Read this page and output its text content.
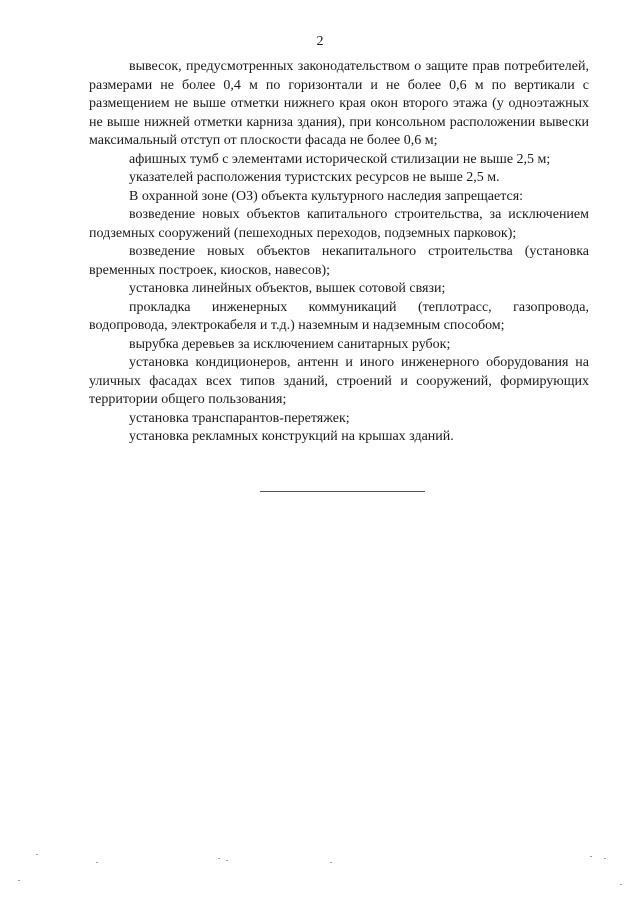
2

вывесок, предусмотренных законодательством о защите прав потребителей, размерами не более 0,4 м по горизонтали и не более 0,6 м по вертикали с размещением не выше отметки нижнего края окон второго этажа (у одноэтажных не выше нижней отметки карниза здания), при консольном расположении вывески максимальный отступ от плоскости фасада не более 0,6 м;

афишных тумб с элементами исторической стилизации не выше 2,5 м;

указателей расположения туристских ресурсов не выше 2,5 м.

В охранной зоне (ОЗ) объекта культурного наследия запрещается:

возведение новых объектов капитального строительства, за исключением подземных сооружений (пешеходных переходов, подземных парковок);

возведение новых объектов некапитального строительства (установка временных построек, киосков, навесов);

установка линейных объектов, вышек сотовой связи;

прокладка инженерных коммуникаций (теплотрасс, газопровода, водопровода, электрокабеля и т.д.) наземным и надземным способом;

вырубка деревьев за исключением санитарных рубок;

установка кондиционеров, антенн и иного инженерного оборудования на уличных фасадах всех типов зданий, строений и сооружений, формирующих территории общего пользования;

установка транспарантов-перетяжек;

установка рекламных конструкций на крышах зданий.
